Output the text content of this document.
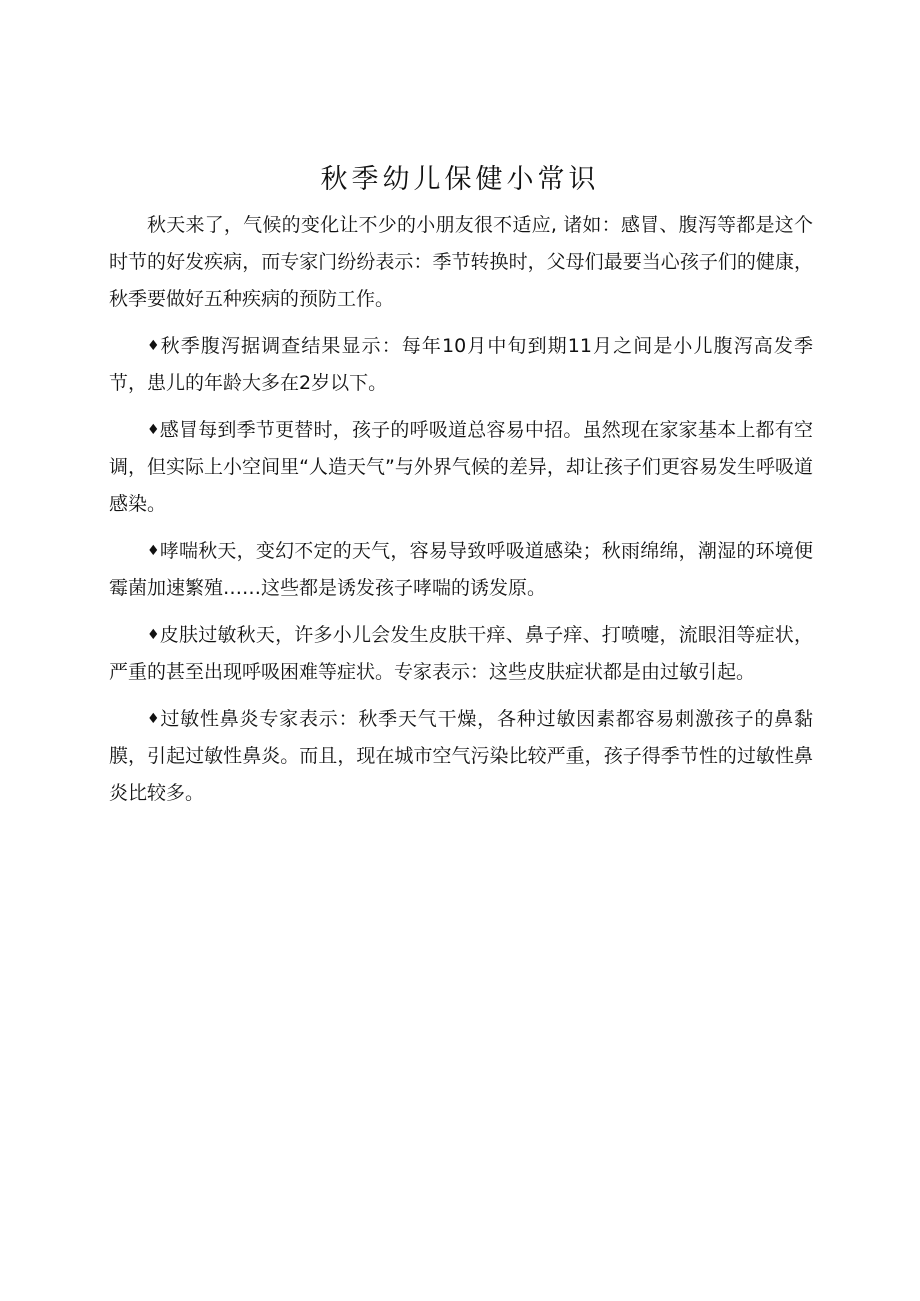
秋季幼儿保健小常识

秋天来了，气候的变化让不少的小朋友很不适应, 诸如：感冒、腹泻等都是这个时节的好发疾病，而专家门纷纷表示：季节转换时，父母们最要当心孩子们的健康，秋季要做好五种疾病的预防工作。

♦秋季腹泻据调查结果显示：每年10月中旬到期11月之间是小儿腹泻高发季节，患儿的年龄大多在2岁以下。

♦感冒每到季节更替时，孩子的呼吸道总容易中招。虽然现在家家基本上都有空调，但实际上小空间里“人造天气”与外界气候的差异，却让孩子们更容易发生呼吸道感染。

♦哮喘秋天，变幻不定的天气，容易导致呼吸道感染；秋雨绵绵，潮湿的环境便霉菌加速繁殖……这些都是诱发孩子哮喘的诱发原。

♦皮肤过敏秋天，许多小儿会发生皮肤干痒、鼻子痒、打喷嚏，流眼泪等症状，严重的甚至出现呼吸困难等症状。专家表示：这些皮肤症状都是由过敏引起。

♦过敏性鼻炎专家表示：秋季天气干燥，各种过敏因素都容易刺激孩子的鼻黏膜，引起过敏性鼻炎。而且，现在城市空气污染比较严重，孩子得季节性的过敏性鼻炎比较多。
